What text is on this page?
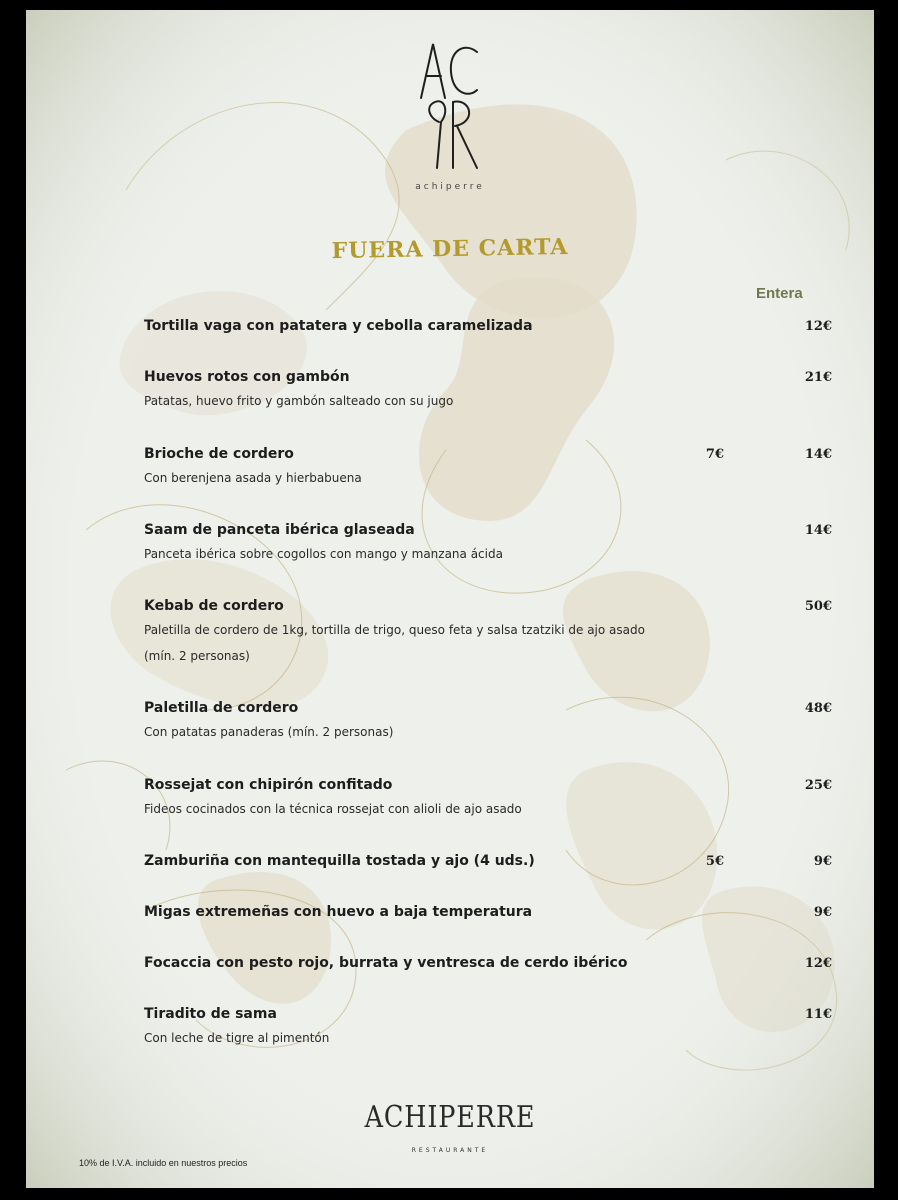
achiperre
FUERA DE CARTA
Entera
Tortilla vaga con patatera y cebolla caramelizada	12€
Huevos rotos con gambón
Patatas, huevo frito y gambón salteado con su jugo
21€
Brioche de cordero
Con berenjena asada y hierbabuena
7€	14€
Saam de panceta ibérica glaseada
Panceta ibérica sobre cogollos con mango y manzana ácida
14€
Kebab de cordero
Paletilla de cordero de 1kg, tortilla de trigo, queso feta y salsa tzatziki de ajo asado
(mín. 2 personas)
50€
Paletilla de cordero
Con patatas panaderas (mín. 2 personas)
48€
Rossejat con chipirón confitado
Fideos cocinados con la técnica rossejat con alioli de ajo asado
25€
Zamburiña con mantequilla tostada y ajo (4 uds.)	5€	9€
Migas extremeñas con huevo a baja temperatura	9€
Focaccia con pesto rojo, burrata y ventresca de cerdo ibérico	12€
Tiradito de sama
Con leche de tigre al pimentón
11€
ACHIPERRE
RESTAURANTE
10% de I.V.A. incluido en nuestros precios
